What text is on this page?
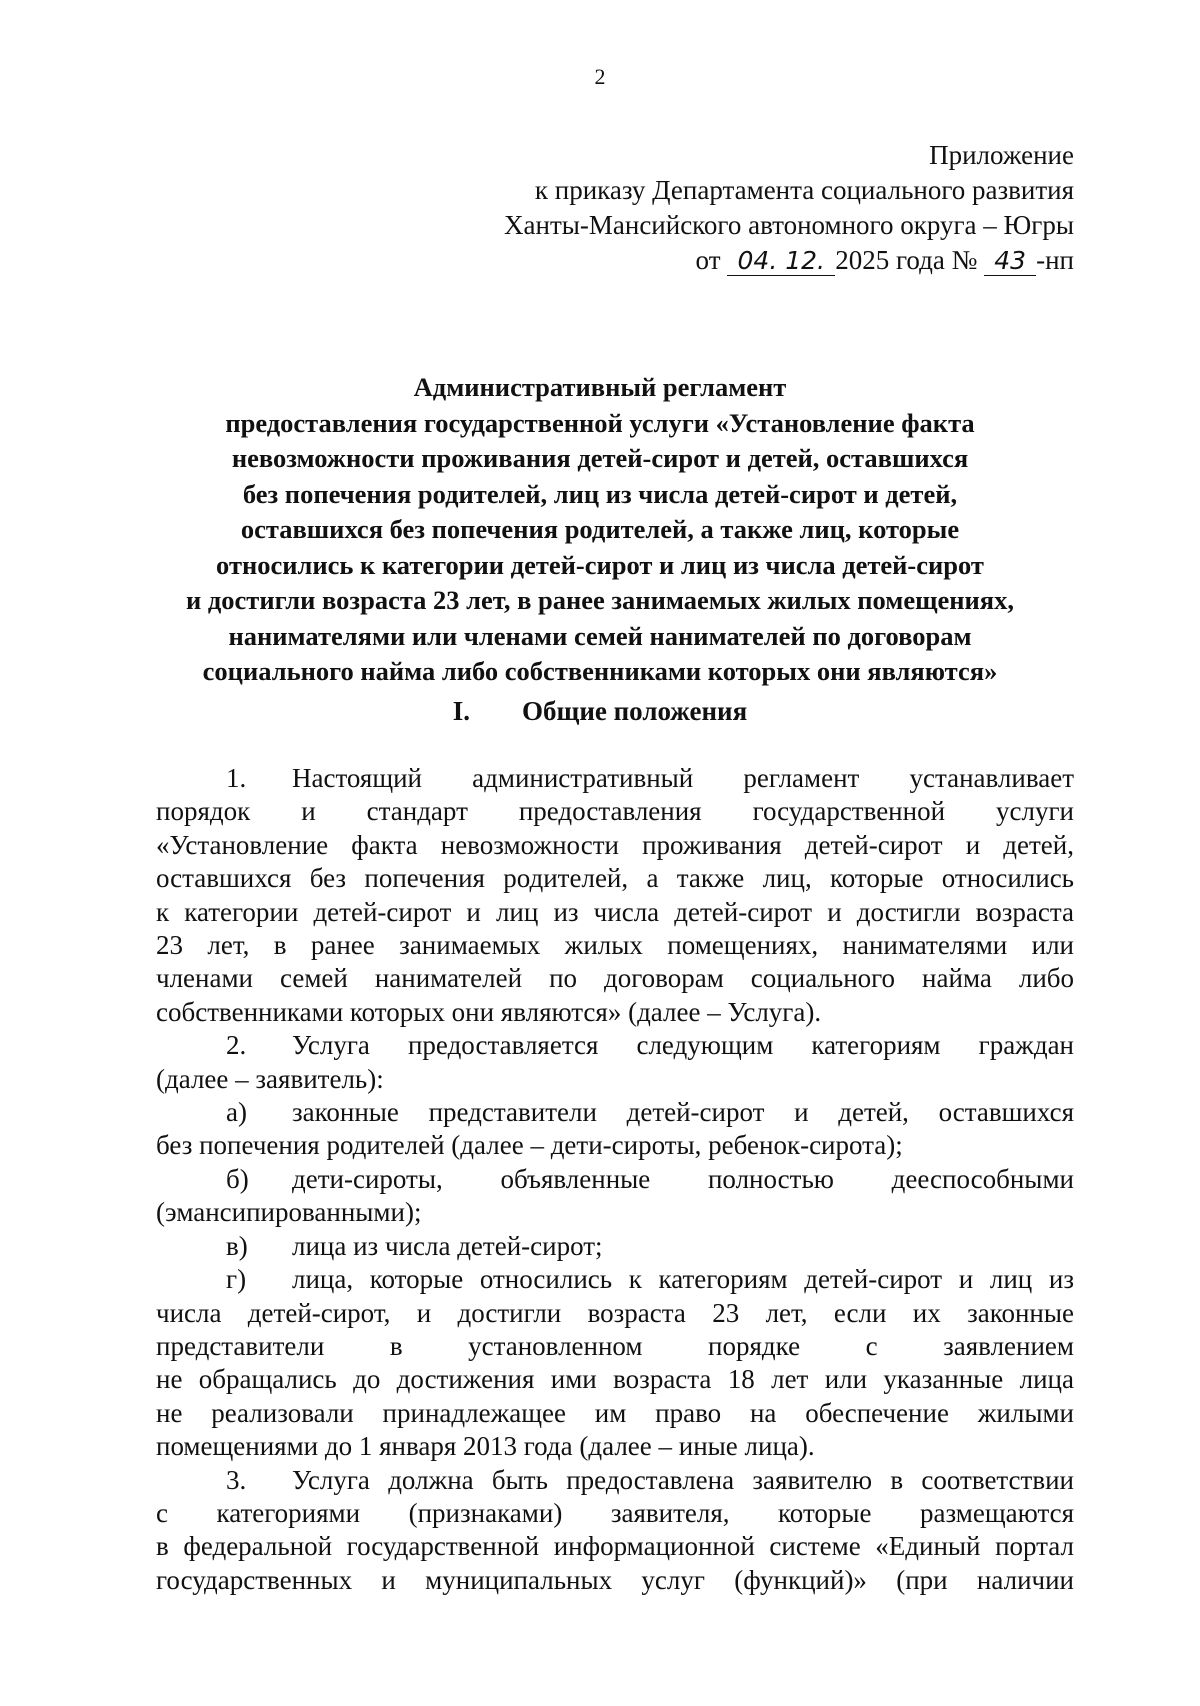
2
Приложение
к приказу Департамента социального развития
Ханты-Мансийского автономного округа – Югры
от 04. 12. 2025 года № 43 -нп
Административный регламент
предоставления государственной услуги «Установление факта
невозможности проживания детей-сирот и детей, оставшихся
без попечения родителей, лиц из числа детей-сирот и детей,
оставшихся без попечения родителей, а также лиц, которые
относились к категории детей-сирот и лиц из числа детей-сирот
и достигли возраста 23 лет, в ранее занимаемых жилых помещениях,
нанимателями или членами семей нанимателей по договорам
социального найма либо собственниками которых они являются»
I. Общие положения
1. Настоящий административный регламент устанавливает
порядок и стандарт предоставления государственной услуги
«Установление факта невозможности проживания детей-сирот и детей,
оставшихся без попечения родителей, а также лиц, которые относились
к категории детей-сирот и лиц из числа детей-сирот и достигли возраста
23 лет, в ранее занимаемых жилых помещениях, нанимателями или
членами семей нанимателей по договорам социального найма либо
собственниками которых они являются» (далее – Услуга).
2. Услуга предоставляется следующим категориям граждан
(далее – заявитель):
а) законные представители детей-сирот и детей, оставшихся
без попечения родителей (далее – дети-сироты, ребенок-сирота);
б) дети-сироты, объявленные полностью дееспособными
(эмансипированными);
в) лица из числа детей-сирот;
г) лица, которые относились к категориям детей-сирот и лиц из
числа детей-сирот, и достигли возраста 23 лет, если их законные
представители в установленном порядке с заявлением
не обращались до достижения ими возраста 18 лет или указанные лица
не реализовали принадлежащее им право на обеспечение жилыми
помещениями до 1 января 2013 года (далее – иные лица).
3. Услуга должна быть предоставлена заявителю в соответствии
с категориями (признаками) заявителя, которые размещаются
в федеральной государственной информационной системе «Единый портал
государственных и муниципальных услуг (функций)» (при наличии
